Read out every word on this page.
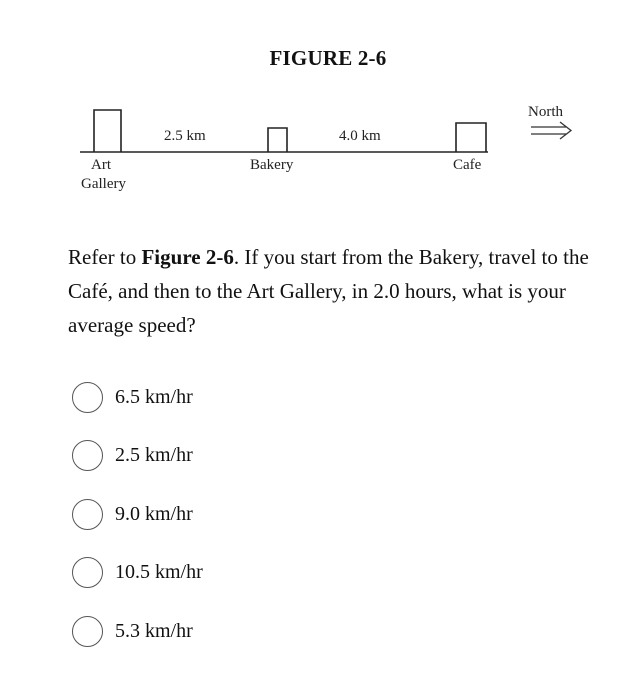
FIGURE 2-6
Art
Gallery
Bakery	Cafe
2.5 km	4.0 km
North
Refer to Figure 2-6. If you start from the Bakery, travel to the Café, and then to the Art Gallery, in 2.0 hours, what is your average speed?
6.5 km/hr
2.5 km/hr
9.0 km/hr
10.5 km/hr
5.3 km/hr
